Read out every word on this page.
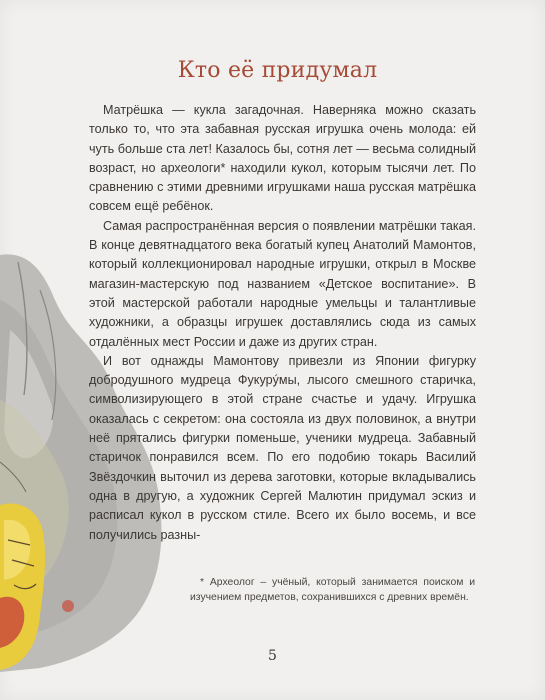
Кто её придумал

Матрёшка — кукла загадочная. Наверняка можно сказать только то, что эта забавная русская игрушка очень молода: ей чуть больше ста лет! Казалось бы, сотня лет — весьма солидный возраст, но археологи* находили кукол, которым тысячи лет. По сравнению с этими древними игрушками наша русская матрёшка совсем ещё ребёнок.

Самая распространённая версия о появлении матрёшки такая. В конце девятнадцатого века богатый купец Анатолий Мамонтов, который коллекционировал народные игрушки, открыл в Москве магазин-мастерскую под названием «Детское воспитание». В этой мастерской работали народные умельцы и талантливые художники, а образцы игрушек доставлялись сюда из самых отдалённых мест России и даже из других стран.

И вот однажды Мамонтову привезли из Японии фигурку добродушного мудреца Фукурýмы, лысого смешного старичка, символизирующего в этой стране счастье и удачу. Игрушка оказалась с секретом: она состояла из двух половинок, а внутри неё прятались фигурки поменьше, ученики мудреца. Забавный старичок понравился всем. По его подобию токарь Василий Звёздочкин выточил из дерева заготовки, которые вкладывались одна в другую, а художник Сергей Малютин придумал эскиз и расписал кукол в русском стиле. Всего их было восемь, и все получились разны-

* Археолог – учёный, который занимается поиском и изучением предметов, сохранившихся с древних времён.

5
